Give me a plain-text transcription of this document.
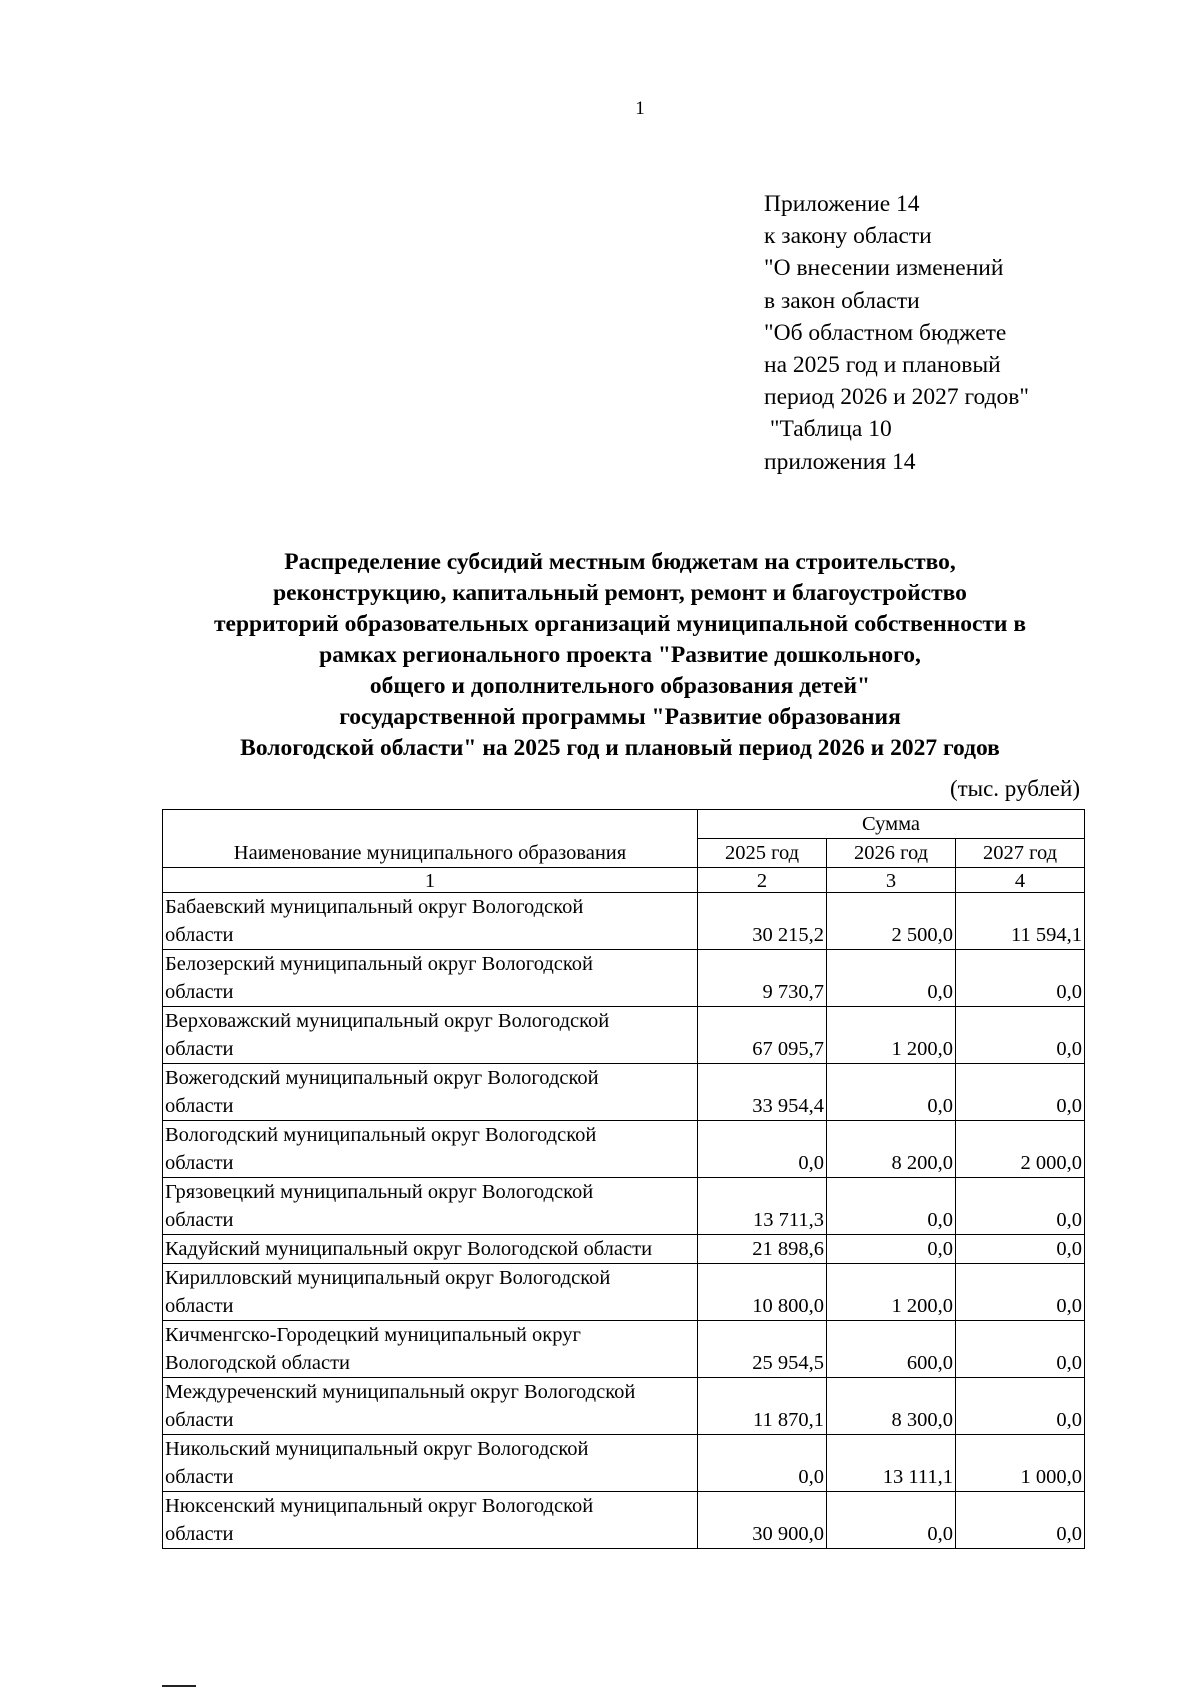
1
Приложение 14
к закону области
"О внесении изменений
в закон области
"Об областном бюджете
на 2025 год и плановый
период 2026 и 2027 годов"
"Таблица 10
приложения 14
Распределение субсидий местным бюджетам на строительство,
реконструкцию, капитальный ремонт, ремонт и благоустройство
территорий образовательных организаций муниципальной собственности в
рамках регионального проекта "Развитие дошкольного,
общего и дополнительного образования детей"
государственной программы "Развитие образования
Вологодской области" на 2025 год и плановый период 2026 и 2027 годов
(тыс. рублей)
Наименование муниципального образования	Сумма		
	2025 год	2026 год	2027 год
1	2	3	4

Бабаевский муниципальный округ Вологодской
области	30 215,2	2 500,0	11 594,1

Белозерский муниципальный округ Вологодской
области	9 730,7	0,0	0,0

Верховажский муниципальный округ Вологодской
области	67 095,7	1 200,0	0,0

Вожегодский муниципальный округ Вологодской
области	33 954,4	0,0	0,0

Вологодский муниципальный округ Вологодской
области	0,0	8 200,0	2 000,0

Грязовецкий муниципальный округ Вологодской
области	13 711,3	0,0	0,0

Кадуйский муниципальный округ Вологодской области	21 898,6	0,0	0,0

Кирилловский муниципальный округ Вологодской
области	10 800,0	1 200,0	0,0

Кичменгско-Городецкий муниципальный округ
Вологодской области	25 954,5	600,0	0,0

Междуреченский муниципальный округ Вологодской
области	11 870,1	8 300,0	0,0

Никольский муниципальный округ Вологодской
области	0,0	13 111,1	1 000,0

Нюксенский муниципальный округ Вологодской
области	30 900,0	0,0	0,0
